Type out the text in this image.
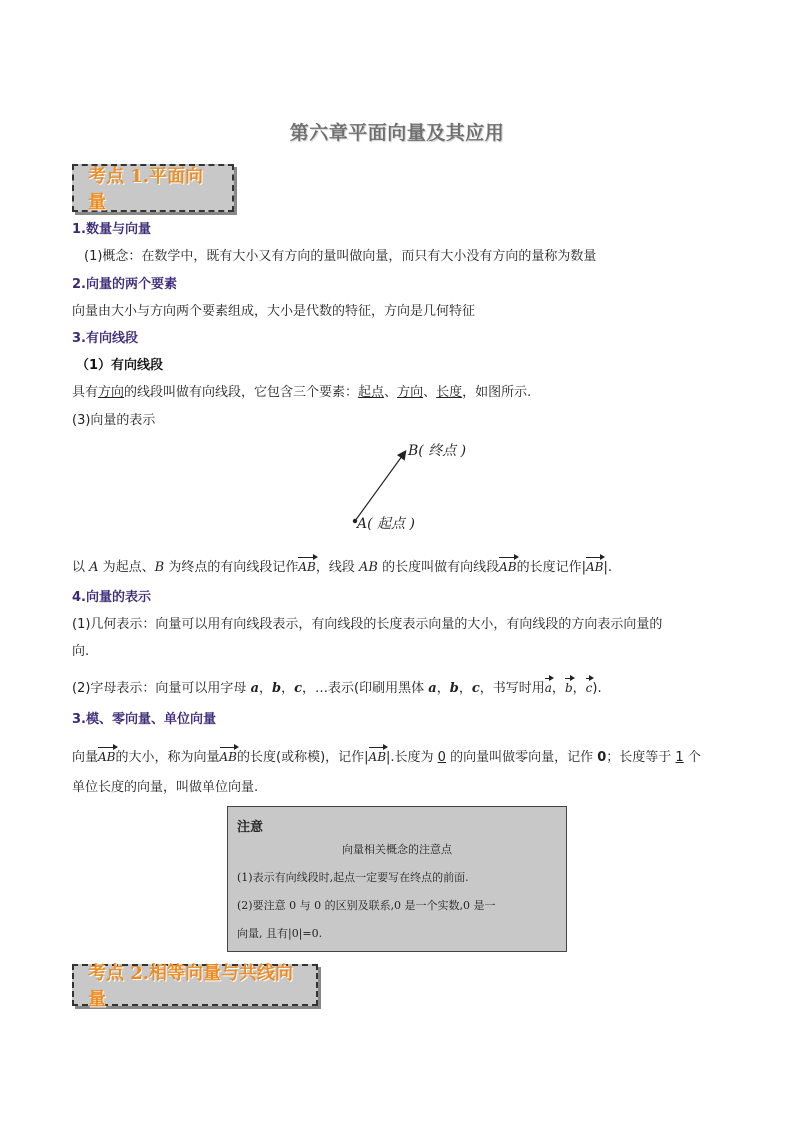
第六章平面向量及其应用
考点 1.平面向量
1.数量与向量
(1)概念：在数学中，既有大小又有方向的量叫做向量，而只有大小没有方向的量称为数量
2.向量的两个要素
向量由大小与方向两个要素组成，大小是代数的特征，方向是几何特征
3.有向线段
（1）有向线段
具有方向的线段叫做有向线段，它包含三个要素：起点、方向、长度，如图所示.
(3)向量的表示
B( 终点 )
A( 起点 )
以 A 为起点、B 为终点的有向线段记作AB，线段 AB 的长度叫做有向线段AB的长度记作|AB|.
4.向量的表示
(1)几何表示：向量可以用有向线段表示，有向线段的长度表示向量的大小，有向线段的方向表示向量的
向.
(2)字母表示：向量可以用字母 a，b，c，…表示(印刷用黑体 a，b，c，书写时用a，b，c).
3.模、零向量、单位向量
向量AB的大小，称为向量AB的长度(或称模)，记作|AB|.长度为 0 的向量叫做零向量，记作 0；长度等于 1 个
单位长度的向量，叫做单位向量.
注意
向量相关概念的注意点
(1)表示有向线段时,起点一定要写在终点的前面.
(2)要注意 0 与 0 的区别及联系,0 是一个实数,0 是一
向量, 且有|0|=0.
考点 2.相等向量与共线向量
